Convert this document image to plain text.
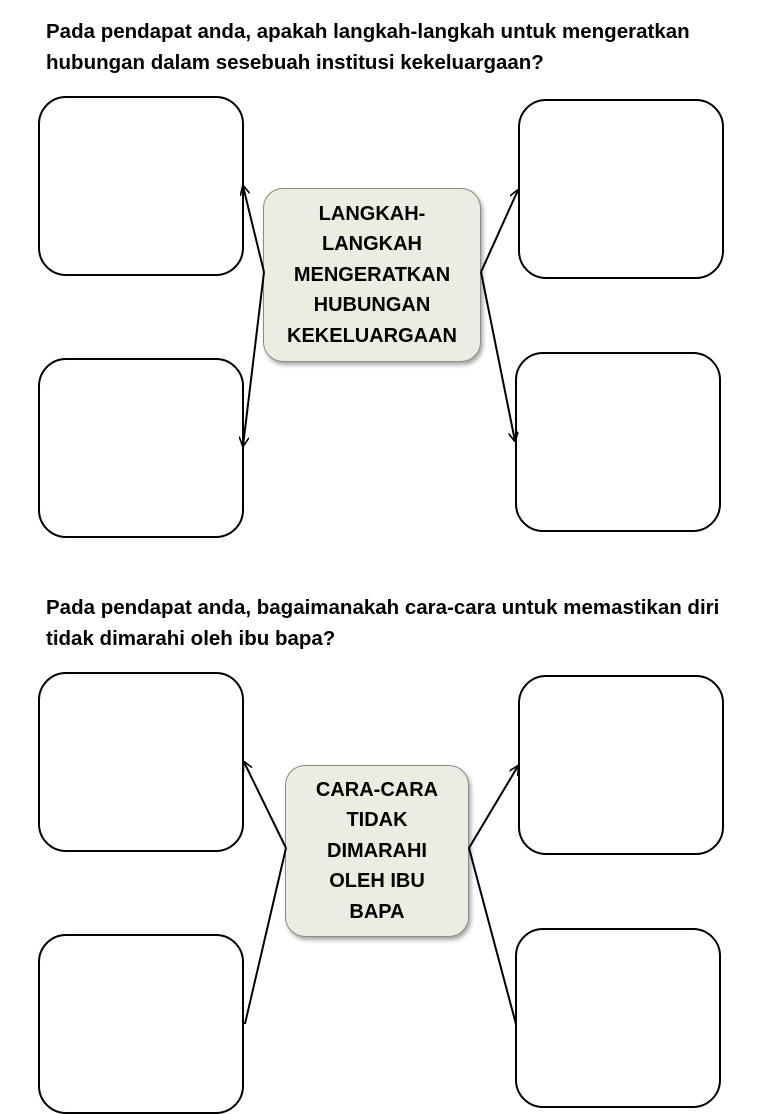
Pada pendapat anda, apakah langkah-langkah untuk mengeratkan hubungan dalam sesebuah institusi kekeluargaan?

LANGKAH-
LANGKAH
MENGERATKAN
HUBUNGAN
KEKELUARGAAN

Pada pendapat anda, bagaimanakah cara-cara untuk memastikan diri tidak dimarahi oleh ibu bapa?

CARA-CARA
TIDAK
DIMARAHI
OLEH IBU
BAPA
